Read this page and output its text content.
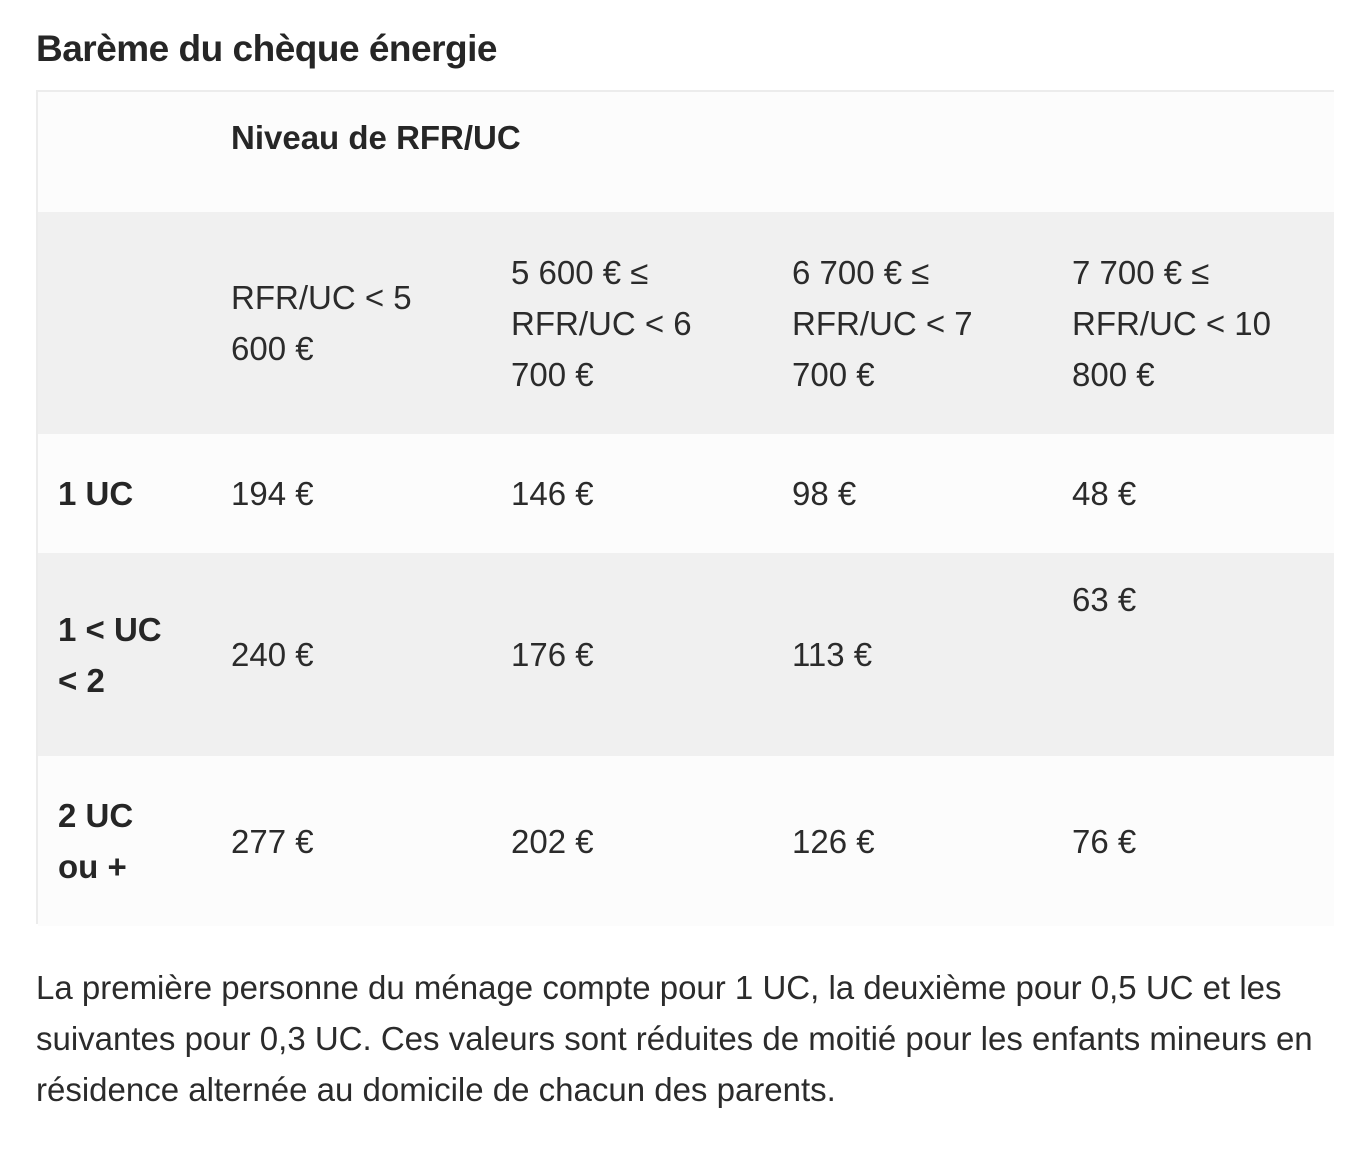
Barème du chèque énergie
	Niveau de RFR/UC			
	RFR/UC < 5 600 €	5 600 € ≤ RFR/UC < 6 700 €	6 700 € ≤ RFR/UC < 7 700 €	7 700 € ≤ RFR/UC < 10 800 €
1 UC	194 €	146 €	98 €	48 €
1 < UC < 2	240 €	176 €	113 €	63 €
2 UC ou +	277 €	202 €	126 €	76 €

La première personne du ménage compte pour 1 UC, la deuxième pour 0,5 UC et les suivantes pour 0,3 UC. Ces valeurs sont réduites de moitié pour les enfants mineurs en résidence alternée au domicile de chacun des parents.
